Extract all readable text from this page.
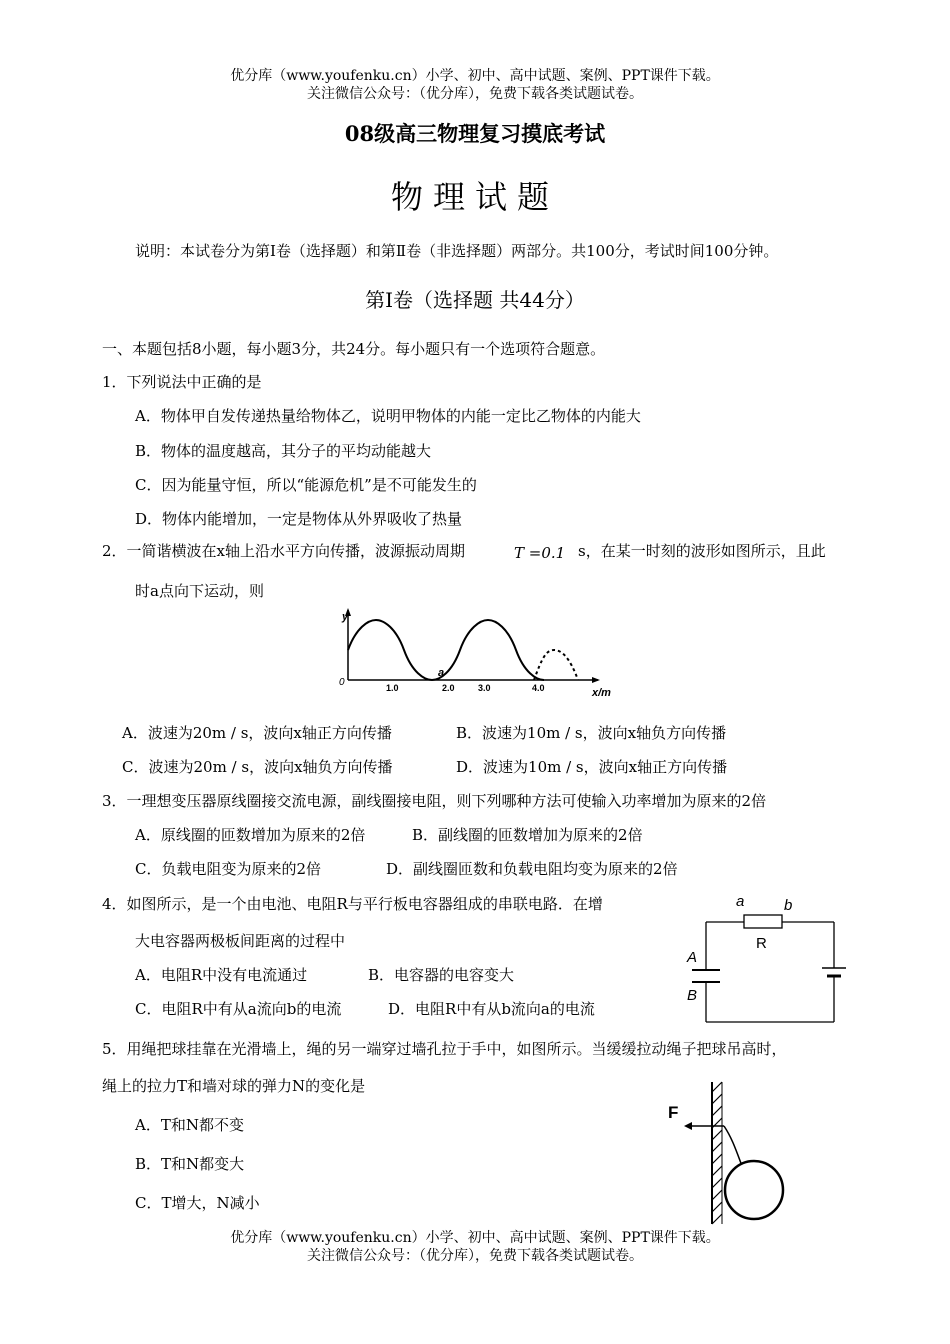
优分库（www.youfenku.cn）小学、初中、高中试题、案例、PPT课件下载。
关注微信公众号：（优分库），免费下载各类试题试卷。
08级高三物理复习摸底考试
物理试题
说明：本试卷分为第Ⅰ卷（选择题）和第Ⅱ卷（非选择题）两部分。共100分，考试时间100分钟。
第Ⅰ卷（选择题 共44分）
一、本题包括8小题，每小题3分，共24分。每小题只有一个选项符合题意。
1．下列说法中正确的是
A．物体甲自发传递热量给物体乙，说明甲物体的内能一定比乙物体的内能大
B．物体的温度越高，其分子的平均动能越大
C．因为能量守恒，所以“能源危机”是不可能发生的
D．物体内能增加，一定是物体从外界吸收了热量
2．一简谐横波在x轴上沿水平方向传播，波源振动周期	T =0.1 s，在某一时刻的波形如图所示，且此
时a点向下运动，则
y
0
a
1.0	2.0	3.0	4.0	x/m
A．波速为20m / s，波向x轴正方向传播	B．波速为10m / s，波向x轴负方向传播
C．波速为20m / s，波向x轴负方向传播	D．波速为10m / s，波向x轴正方向传播
3．一理想变压器原线圈接交流电源，副线圈接电阻，则下列哪种方法可使输入功率增加为原来的2倍
A．原线圈的匝数增加为原来的2倍	B．副线圈的匝数增加为原来的2倍
C．负载电阻变为原来的2倍	D．副线圈匝数和负载电阻均变为原来的2倍
4．如图所示，是一个由电池、电阻R与平行板电容器组成的串联电路．在增
大电容器两极板间距离的过程中
A．电阻R中没有电流通过	B．电容器的电容变大
C．电阻R中有从a流向b的电流	D．电阻R中有从b流向a的电流
a	b
R
A
B
5．用绳把球挂靠在光滑墙上，绳的另一端穿过墙孔拉于手中，如图所示。当缓缓拉动绳子把球吊高时，
绳上的拉力T和墙对球的弹力N的变化是
A．T和N都不变
B．T和N都变大
C．T增大，N减小
F
优分库（www.youfenku.cn）小学、初中、高中试题、案例、PPT课件下载。
关注微信公众号：（优分库），免费下载各类试题试卷。
